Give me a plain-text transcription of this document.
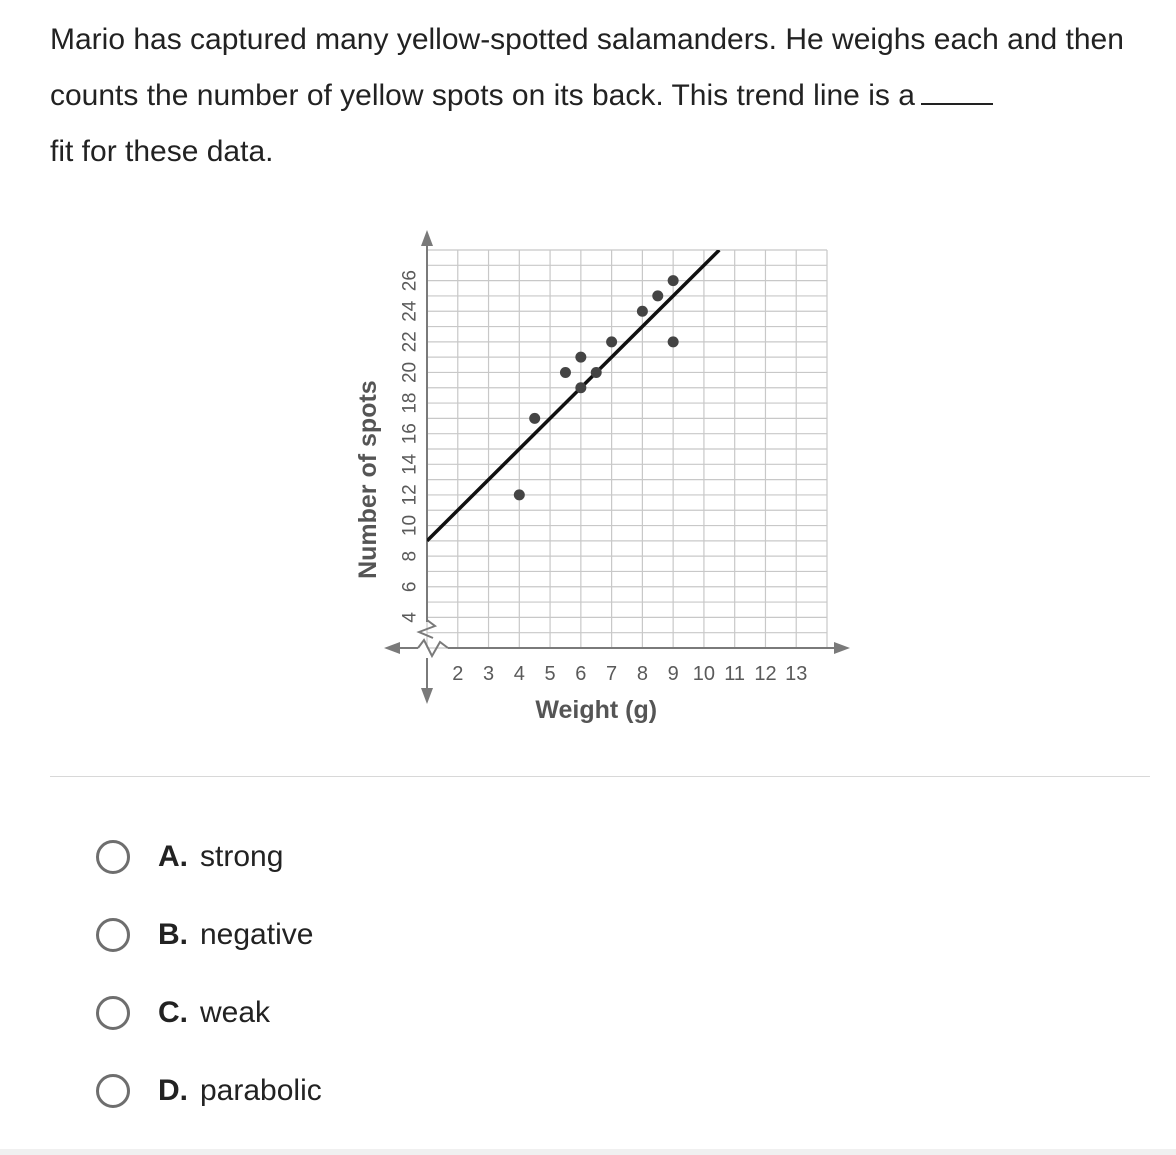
Mario has captured many yellow-spotted salamanders. He weighs each and then counts the number of yellow spots on its back. This trend line is a
fit for these data.
4
6
8
10
12
14
16
18
20
22
24
26
2 3 4 5 6 7 8 9 10 11 12 13
Weight (g)
Number of spots
A. strong
B. negative
C. weak
D. parabolic
